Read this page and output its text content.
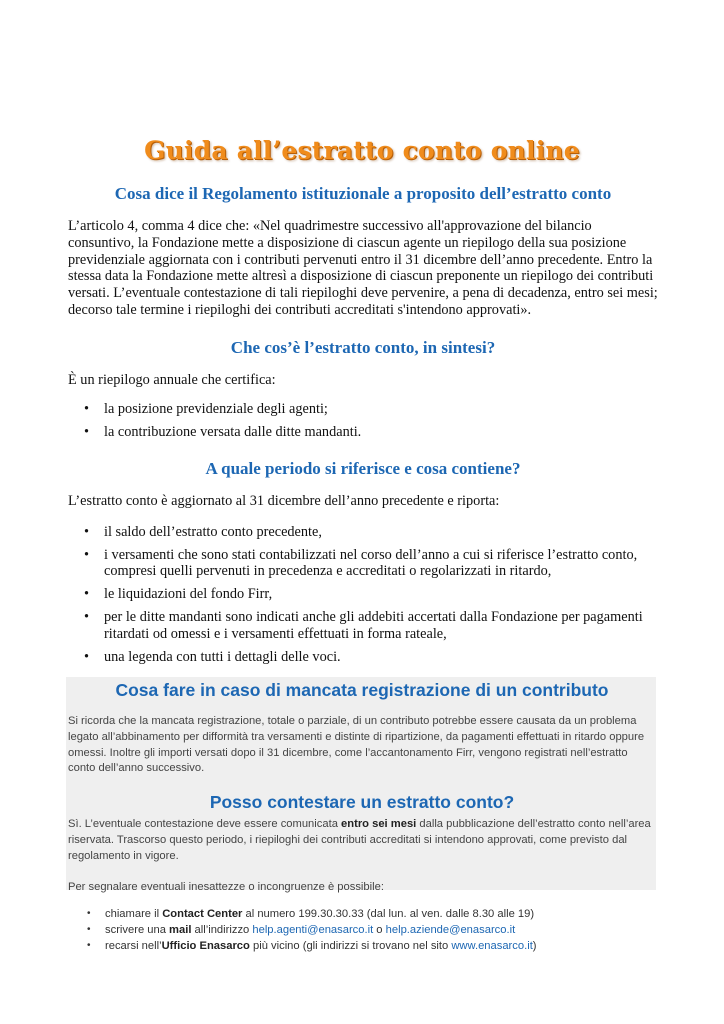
Guida all’estratto conto online
Cosa dice il Regolamento istituzionale a proposito dell’estratto conto

L’articolo 4, comma 4 dice che: «Nel quadrimestre successivo all'approvazione del bilancio consuntivo, la Fondazione mette a disposizione di ciascun agente un riepilogo della sua posizione previdenziale aggiornata con i contributi pervenuti entro il 31 dicembre dell’anno precedente. Entro la stessa data la Fondazione mette altresì a disposizione di ciascun preponente un riepilogo dei contributi versati. L’eventuale contestazione di tali riepiloghi deve pervenire, a pena di decadenza, entro sei mesi; decorso tale termine i riepiloghi dei contributi accreditati s'intendono approvati».

Che cos’è l’estratto conto, in sintesi?

È un riepilogo annuale che certifica:

• la posizione previdenziale degli agenti;
• la contribuzione versata dalle ditte mandanti.
A quale periodo si riferisce e cosa contiene?

L’estratto conto è aggiornato al 31 dicembre dell’anno precedente e riporta:

• il saldo dell’estratto conto precedente,
• i versamenti che sono stati contabilizzati nel corso dell’anno a cui si riferisce l’estratto conto, compresi quelli pervenuti in precedenza e accreditati o regolarizzati in ritardo,
• le liquidazioni del fondo Firr,
• per le ditte mandanti sono indicati anche gli addebiti accertati dalla Fondazione per pagamenti ritardati od omessi e i versamenti effettuati in forma rateale,
• una legenda con tutti i dettagli delle voci.
Cosa fare in caso di mancata registrazione di un contributo

Si ricorda che la mancata registrazione, totale o parziale, di un contributo potrebbe essere causata da un problema legato all’abbinamento per difformità tra versamenti e distinte di ripartizione, da pagamenti effettuati in ritardo oppure omessi. Inoltre gli importi versati dopo il 31 dicembre, come l’accantonamento Firr, vengono registrati nell’estratto conto dell’anno successivo.

Posso contestare un estratto conto?

Sì. L’eventuale contestazione deve essere comunicata entro sei mesi dalla pubblicazione dell’estratto conto nell’area riservata. Trascorso questo periodo, i riepiloghi dei contributi accreditati si intendono approvati, come previsto dal regolamento in vigore.

Per segnalare eventuali inesattezze o incongruenze è possibile:

• chiamare il Contact Center al numero 199.30.30.33 (dal lun. al ven. dalle 8.30 alle 19)
• scrivere una mail all’indirizzo help.agenti@enasarco.it o help.aziende@enasarco.it
• recarsi nell’Ufficio Enasarco più vicino (gli indirizzi si trovano nel sito www.enasarco.it)
